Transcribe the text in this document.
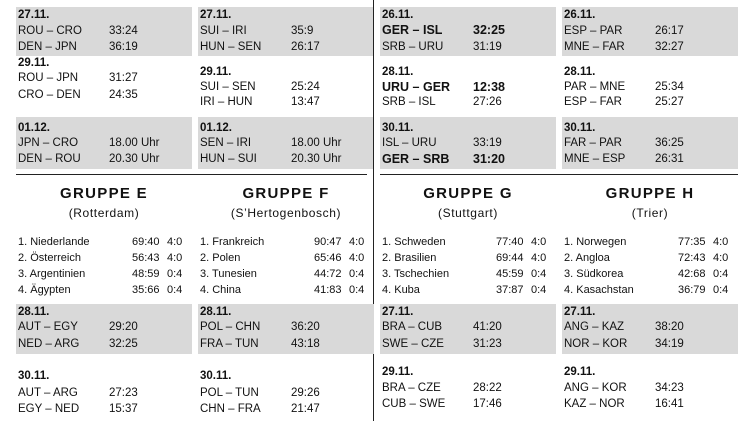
27.11.
ROU – CRO 33:24
DEN – JPN	36:19
29.11.
ROU – JPN	31:27
CRO – DEN 24:35
01.12.
JPN – CRO	18.00 Uhr
DEN – ROU 20.30 Uhr
27.11.
SUI – IRI	35:9
HUN – SEN	26:17
29.11.
SUI – SEN	25:24
IRI – HUN	13:47
01.12.
SEN – IRI	18.00 Uhr
HUN – SUI	20.30 Uhr
26.11.
GER – ISL 32:25
SRB – URU	31:19
28.11.
URU – GER 12:38
SRB – ISL	27:26
30.11.
ISL – URU	33:19
GER – SRB 31:20
26.11.
ESP – PAR	26:17
MNE – FAR	32:27
28.11.
PAR – MNE	25:34
ESP – FAR	25:27
30.11.
FAR – PAR	36:25
MNE – ESP	26:31
GRUPPE E
(Rotterdam)
1. Niederlande	69:40 4:0
2. Österreich	56:43 4:0
3. Argentinien	48:59 0:4
4. Ägypten	35:66 0:4
28.11.
AUT – EGY	29:20
NED – ARG	32:25
30.11.
AUT – ARG	27:23
EGY – NED	15:37
GRUPPE F
(S’Hertogenbosch)
1. Frankreich	90:47 4:0
2. Polen	65:46 4:0
3. Tunesien	44:72 0:4
4. China	41:83 0:4
28.11.
POL – CHN	36:20
FRA – TUN	43:18
30.11.
POL – TUN	29:26
CHN – FRA	21:47
GRUPPE G
(Stuttgart)
1. Schweden	77:40 4:0
2. Brasilien	69:44 4:0
3. Tschechien	45:59 0:4
4. Kuba	37:87 0:4
27.11.
BRA – CUB	41:20
SWE – CZE	31:23
29.11.
BRA – CZE	28:22
CUB – SWE 17:46
GRUPPE H
(Trier)
1. Norwegen	77:35 4:0
2. Angloa	72:43 4:0
3. Südkorea	42:68 0:4
4. Kasachstan	36:79 0:4
27.11.
ANG – KAZ	38:20
NOR – KOR 34:19
29.11.
ANG – KOR 34:23
KAZ – NOR	16:41
